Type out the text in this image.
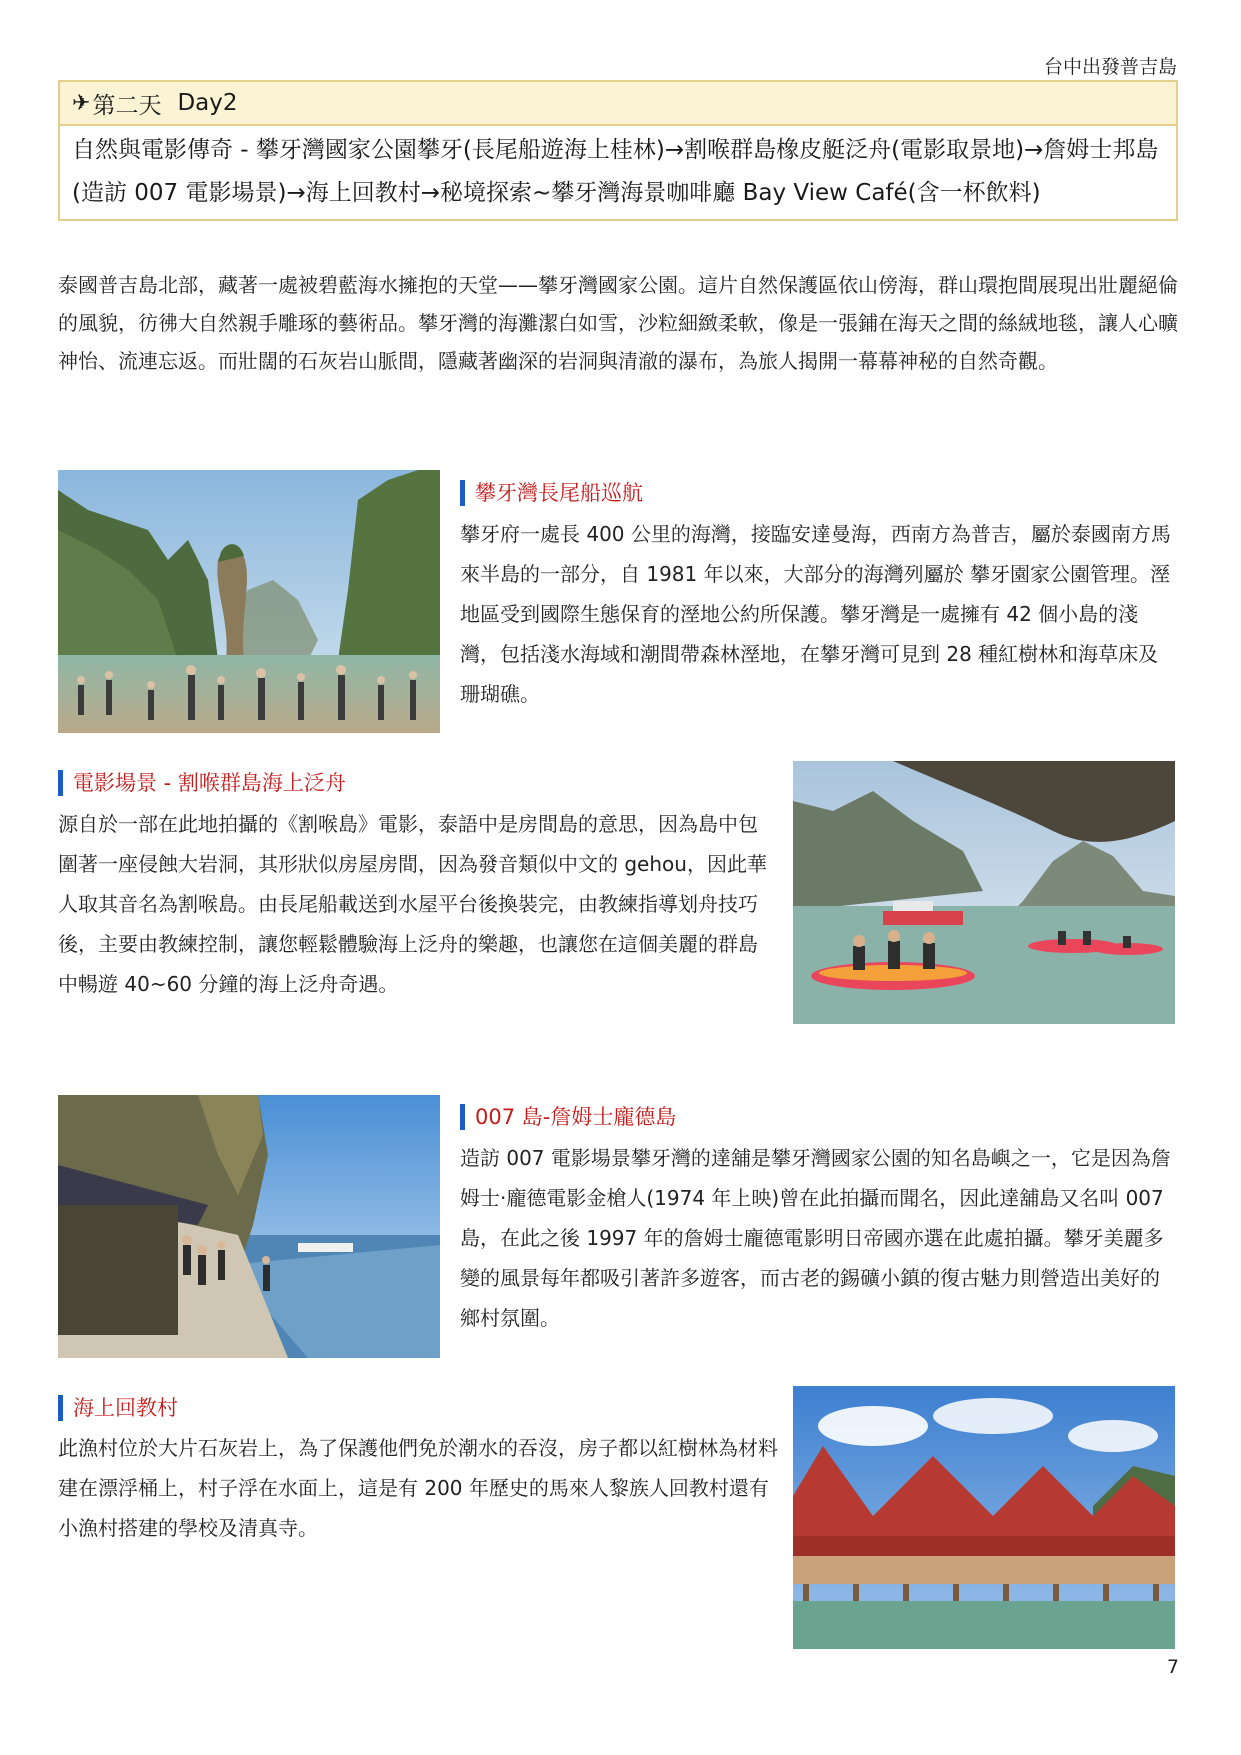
台中出發普吉島
✈ 第二天 Day2
自然與電影傳奇 - 攀牙灣國家公園攀牙(長尾船遊海上桂林)→割喉群島橡皮艇泛舟(電影取景地)→詹姆士邦島(造訪 007 電影場景)→海上回教村→秘境探索~攀牙灣海景咖啡廳 Bay View Café(含一杯飲料)
泰國普吉島北部，藏著一處被碧藍海水擁抱的天堂——攀牙灣國家公園。這片自然保護區依山傍海，群山環抱間展現出壯麗絕倫的風貌，彷彿大自然親手雕琢的藝術品。攀牙灣的海灘潔白如雪，沙粒細緻柔軟，像是一張鋪在海天之間的絲絨地毯，讓人心曠神怡、流連忘返。而壯闊的石灰岩山脈間，隱藏著幽深的岩洞與清澈的瀑布，為旅人揭開一幕幕神秘的自然奇觀。
攀牙灣長尾船巡航
攀牙府一處長 400 公里的海灣，接臨安達曼海，西南方為普吉，屬於泰國南方馬來半島的一部分，自 1981 年以來，大部分的海灣列屬於 攀牙園家公園管理。溼地區受到國際生態保育的溼地公約所保護。攀牙灣是一處擁有 42 個小島的淺灣，包括淺水海域和潮間帶森林溼地，在攀牙灣可見到 28 種紅樹林和海草床及珊瑚礁。
電影場景 - 割喉群島海上泛舟
源自於一部在此地拍攝的《割喉島》電影，泰語中是房間島的意思，因為島中包圍著一座侵蝕大岩洞，其形狀似房屋房間，因為發音類似中文的 gehou，因此華人取其音名為割喉島。由長尾船載送到水屋平台後換裝完，由教練指導划舟技巧後，主要由教練控制，讓您輕鬆體驗海上泛舟的樂趣，也讓您在這個美麗的群島中暢遊 40~60 分鐘的海上泛舟奇遇。
007 島-詹姆士龐德島
造訪 007 電影場景攀牙灣的達舖是攀牙灣國家公園的知名島嶼之一，它是因為詹姆士·龐德電影金槍人(1974 年上映)曾在此拍攝而聞名，因此達舖島又名叫 007 島，在此之後 1997 年的詹姆士龐德電影明日帝國亦選在此處拍攝。攀牙美麗多變的風景每年都吸引著許多遊客，而古老的錫礦小鎮的復古魅力則營造出美好的鄉村氛圍。
海上回教村
此漁村位於大片石灰岩上，為了保護他們免於潮水的吞沒，房子都以紅樹林為材料建在漂浮桶上，村子浮在水面上，這是有 200 年歷史的馬來人黎族人回教村還有小漁村搭建的學校及清真寺。
7
